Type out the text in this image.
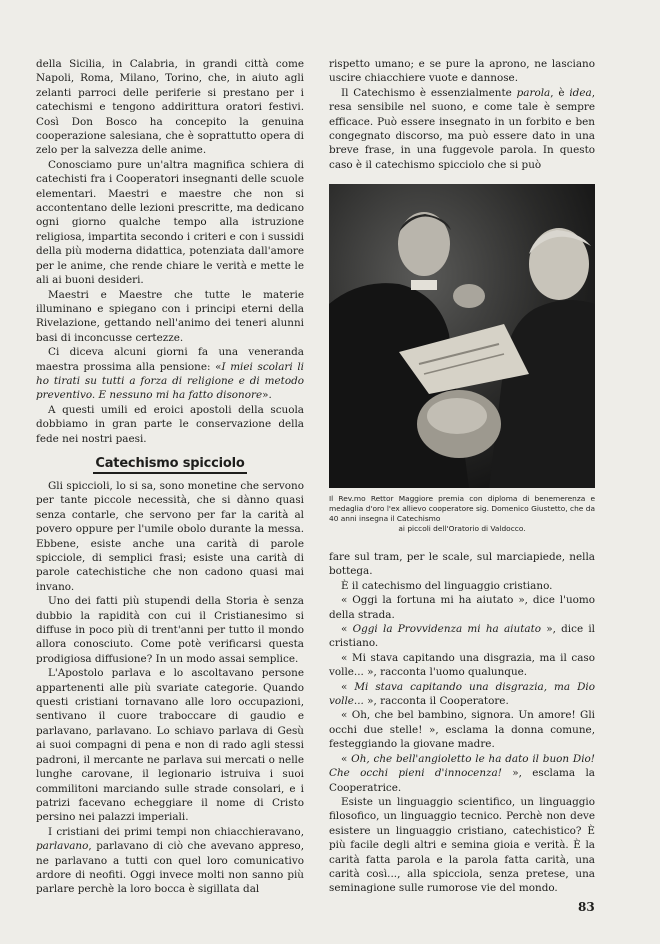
della Sicilia, in Calabria, in grandi città come Napoli, Roma, Milano, Torino, che, in aiuto agli zelanti parroci delle periferie si prestano per i catechismi e tengono addirittura oratori festivi. Così Don Bosco ha concepito la genuina cooperazione salesiana, che è soprattutto opera di zelo per la salvezza delle anime.

Conosciamo pure un'altra magnifica schiera di catechisti fra i Cooperatori insegnanti delle scuole elementari. Maestri e maestre che non si accontentano delle lezioni prescritte, ma dedicano ogni giorno qualche tempo alla istruzione religiosa, impartita secondo i criteri e con i sussidi della più moderna didattica, potenziata dall'amore per le anime, che rende chiare le verità e mette le ali ai buoni desideri.

Maestri e Maestre che tutte le materie illuminano e spiegano con i principi eterni della Rivelazione, gettando nell'animo dei teneri alunni basi di inconcusse certezze.

Ci diceva alcuni giorni fa una veneranda maestra prossima alla pensione: «I miei scolari li ho tirati su tutti a forza di religione e di metodo preventivo. E nessuno mi ha fatto disonore».

A questi umili ed eroici apostoli della scuola dobbiamo in gran parte le conservazione della fede nei nostri paesi.

Catechismo spicciolo

Gli spiccioli, lo si sa, sono monetine che servono per tante piccole necessità, che si dànno quasi senza contarle, che servono per far la carità al povero oppure per l'umile obolo durante la messa. Ebbene, esiste anche una carità di parole spicciole, di semplici frasi; esiste una carità di parole catechistiche che non cadono quasi mai invano.

Uno dei fatti più stupendi della Storia è senza dubbio la rapidità con cui il Cristianesimo si diffuse in poco più di trent'anni per tutto il mondo allora conosciuto. Come potè verificarsi questa prodigiosa diffusione? In un modo assai semplice.

L'Apostolo parlava e lo ascoltavano persone appartenenti alle più svariate categorie. Quando questi cristiani tornavano alle loro occupazioni, sentivano il cuore traboccare di gaudio e parlavano, parlavano. Lo schiavo parlava di Gesù ai suoi compagni di pena e non di rado agli stessi padroni, il mercante ne parlava sui mercati o nelle lunghe carovane, il legionario istruiva i suoi commilitoni marciando sulle strade consolari, e i patrizi facevano echeggiare il nome di Cristo persino nei palazzi imperiali.

I cristiani dei primi tempi non chiacchieravano, parlavano, parlavano di ciò che avevano appreso, ne parlavano a tutti con quel loro comunicativo ardore di neofiti. Oggi invece molti non sanno più parlare perchè la loro bocca è sigillata dal

rispetto umano; e se pure la aprono, ne lasciano uscire chiacchiere vuote e dannose.

Il Catechismo è essenzialmente parola, è idea, resa sensibile nel suono, e come tale è sempre efficace. Può essere insegnato in un forbito e ben congegnato discorso, ma può essere dato in una breve frase, in una fuggevole parola. In questo caso è il catechismo spicciolo che si può

Il Rev.mo Rettor Maggiore premia con diploma di benemerenza e medaglia d'oro l'ex allievo cooperatore sig. Domenico Giustetto, che da 40 anni insegna il Catechismo
ai piccoli dell'Oratorio di Valdocco.

fare sul tram, per le scale, sul marciapiede, nella bottega.

È il catechismo del linguaggio cristiano.

« Oggi la fortuna mi ha aiutato », dice l'uomo della strada.

« Oggi la Provvidenza mi ha aiutato », dice il cristiano.

« Mi stava capitando una disgrazia, ma il caso volle... », racconta l'uomo qualunque.

« Mi stava capitando una disgrazia, ma Dio volle... », racconta il Cooperatore.

« Oh, che bel bambino, signora. Un amore! Gli occhi due stelle! », esclama la donna comune, festeggiando la giovane madre.

« Oh, che bell'angioletto le ha dato il buon Dio! Che occhi pieni d'innocenza! », esclama la Cooperatrice.

Esiste un linguaggio scientifico, un linguaggio filosofico, un linguaggio tecnico. Perchè non deve esistere un linguaggio cristiano, catechistico? È più facile degli altri e semina gioia e verità. È la carità fatta parola e la parola fatta carità, una carità così..., alla spicciola, senza pretese, una seminagione sulle rumorose vie del mondo.

83
